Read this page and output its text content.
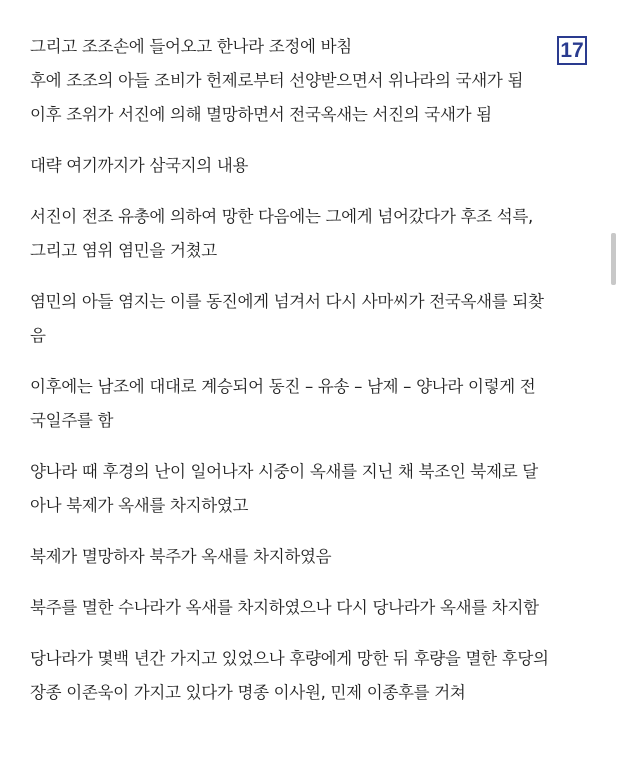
그리고 조조손에 들어오고 한나라 조정에 바침

후에 조조의 아들 조비가 헌제로부터 선양받으면서 위나라의 국새가 됨

이후 조위가 서진에 의해 멸망하면서 전국옥새는 서진의 국새가 됨

대략 여기까지가 삼국지의 내용

서진이 전조 유총에 의하여 망한 다음에는 그에게 넘어갔다가 후조 석륵,
그리고 염위 염민을 거쳤고

염민의 아들 염지는 이를 동진에게 넘겨서 다시 사마씨가 전국옥새를 되찾
음

이후에는 남조에 대대로 계승되어 동진 – 유송 – 남제 – 양나라 이렇게 전
국일주를 함

양나라 때 후경의 난이 일어나자 시중이 옥새를 지닌 채 북조인 북제로 달
아나 북제가 옥새를 차지하였고

북제가 멸망하자 북주가 옥새를 차지하였음

북주를 멸한 수나라가 옥새를 차지하였으나 다시 당나라가 옥새를 차지함

당나라가 몇백 년간 가지고 있었으나 후량에게 망한 뒤 후량을 멸한 후당의
장종 이존욱이 가지고 있다가 명종 이사원, 민제 이종후를 거쳐

17
